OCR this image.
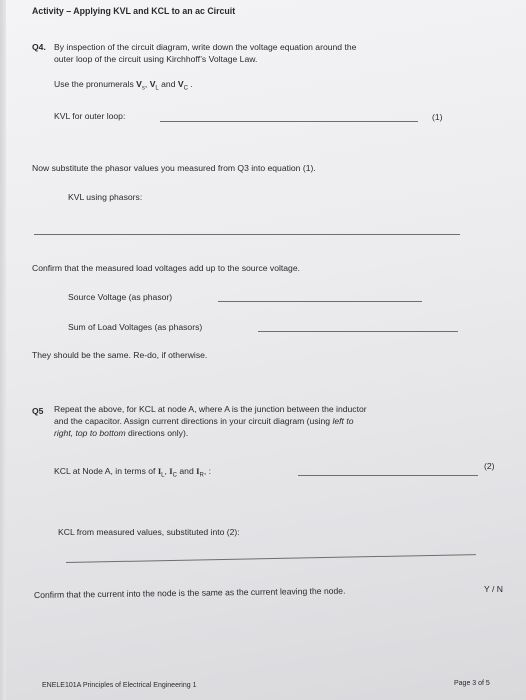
Activity – Applying KVL and KCL to an ac Circuit
Q4. By inspection of the circuit diagram, write down the voltage equation around the
outer loop of the circuit using Kirchhoff’s Voltage Law.
Use the pronumerals $V_s$, $V_L$ and $V_C$ .
KVL for outer loop:	(1)
Now substitute the phasor values you measured from Q3 into equation (1).
KVL using phasors:
Confirm that the measured load voltages add up to the source voltage.
Source Voltage (as phasor)
Sum of Load Voltages (as phasors)
They should be the same. Re-do, if otherwise.
Q5 Repeat the above, for KCL at node A, where A is the junction between the inductor
and the capacitor. Assign current directions in your circuit diagram (using left to
right, top to bottom directions only).
KCL at Node A, in terms of $I_L$, $I_C$ and $I_R$, :	(2)
KCL from measured values, substituted into (2):
Confirm that the current into the node is the same as the current leaving the node.	Y / N
ENELE101A Principles of Electrical Engineering 1	Page 3 of 5
